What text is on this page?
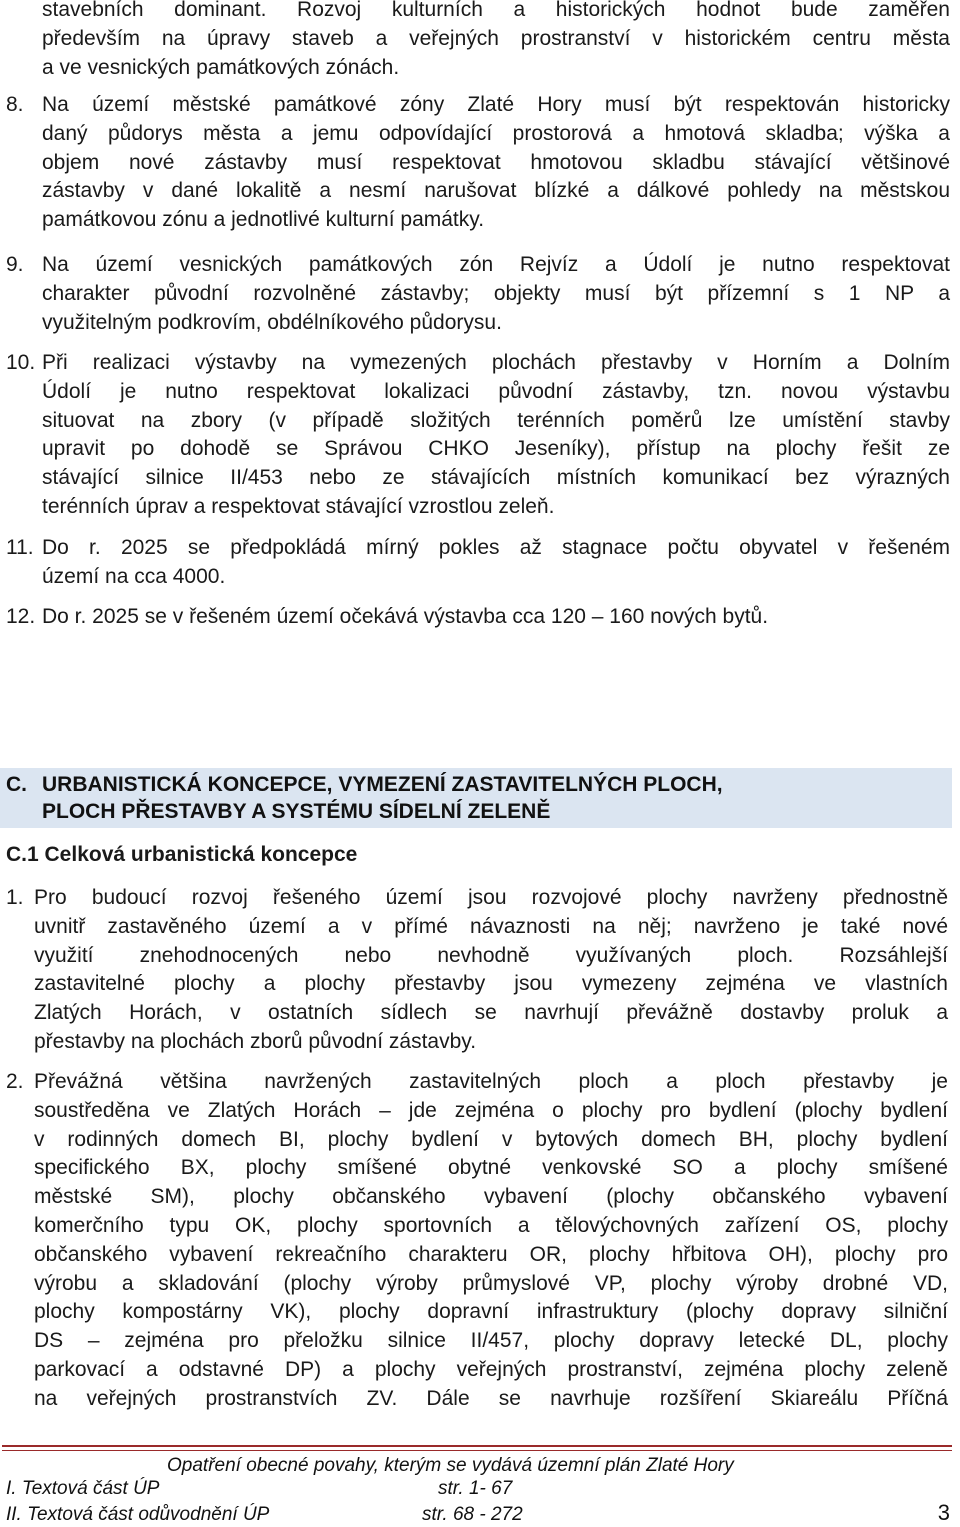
stavebních dominant. Rozvoj kulturních a historických hodnot bude zaměřen
především na úpravy staveb a veřejných prostranství v historickém centru města
a ve vesnických památkových zónách.
8. Na území městské památkové zóny Zlaté Hory musí být respektován historicky
daný půdorys města a jemu odpovídající prostorová a hmotová skladba; výška a
objem nové zástavby musí respektovat hmotovou skladbu stávající většinové
zástavby v dané lokalitě a nesmí narušovat blízké a dálkové pohledy na městskou
památkovou zónu a jednotlivé kulturní památky.
9. Na území vesnických památkových zón Rejvíz a Údolí je nutno respektovat
charakter původní rozvolněné zástavby; objekty musí být přízemní s 1 NP a
využitelným podkrovím, obdélníkového půdorysu.
10. Při realizaci výstavby na vymezených plochách přestavby v Horním a Dolním
Údolí je nutno respektovat lokalizaci původní zástavby, tzn. novou výstavbu
situovat na zbory (v případě složitých terénních poměrů lze umístění stavby
upravit po dohodě se Správou CHKO Jeseníky), přístup na plochy řešit ze
stávající silnice II/453 nebo ze stávajících místních komunikací bez výrazných
terénních úprav a respektovat stávající vzrostlou zeleň.
11. Do r. 2025 se předpokládá mírný pokles až stagnace počtu obyvatel v řešeném
území na cca 4000.
12. Do r. 2025 se v řešeném území očekává výstavba cca 120 – 160 nových bytů.
C. URBANISTICKÁ KONCEPCE, VYMEZENÍ ZASTAVITELNÝCH PLOCH,
PLOCH PŘESTAVBY A SYSTÉMU SÍDELNÍ ZELENĚ
C.1 Celková urbanistická koncepce
1. Pro budoucí rozvoj řešeného území jsou rozvojové plochy navrženy přednostně
uvnitř zastavěného území a v přímé návaznosti na něj; navrženo je také nové
využití znehodnocených nebo nevhodně využívaných ploch. Rozsáhlejší
zastavitelné plochy a plochy přestavby jsou vymezeny zejména ve vlastních
Zlatých Horách, v ostatních sídlech se navrhují převážně dostavby proluk a
přestavby na plochách zborů původní zástavby.
2. Převážná většina navržených zastavitelných ploch a ploch přestavby je
soustředěna ve Zlatých Horách – jde zejména o plochy pro bydlení (plochy bydlení
v rodinných domech BI, plochy bydlení v bytových domech BH, plochy bydlení
specifického BX, plochy smíšené obytné venkovské SO a plochy smíšené
městské SM), plochy občanského vybavení (plochy občanského vybavení
komerčního typu OK, plochy sportovních a tělovýchovných zařízení OS, plochy
občanského vybavení rekreačního charakteru OR, plochy hřbitova OH), plochy pro
výrobu a skladování (plochy výroby průmyslové VP, plochy výroby drobné VD,
plochy kompostárny VK), plochy dopravní infrastruktury (plochy dopravy silniční
DS – zejména pro přeložku silnice II/457, plochy dopravy letecké DL, plochy
parkovací a odstavné DP) a plochy veřejných prostranství, zejména plochy zeleně
na veřejných prostranstvích ZV. Dále se navrhuje rozšíření Skiareálu Příčná
Opatření obecné povahy, kterým se vydává územní plán Zlaté Hory
I. Textová část ÚP	str. 1- 67
II. Textová část odůvodnění ÚP	str. 68 - 272	3
